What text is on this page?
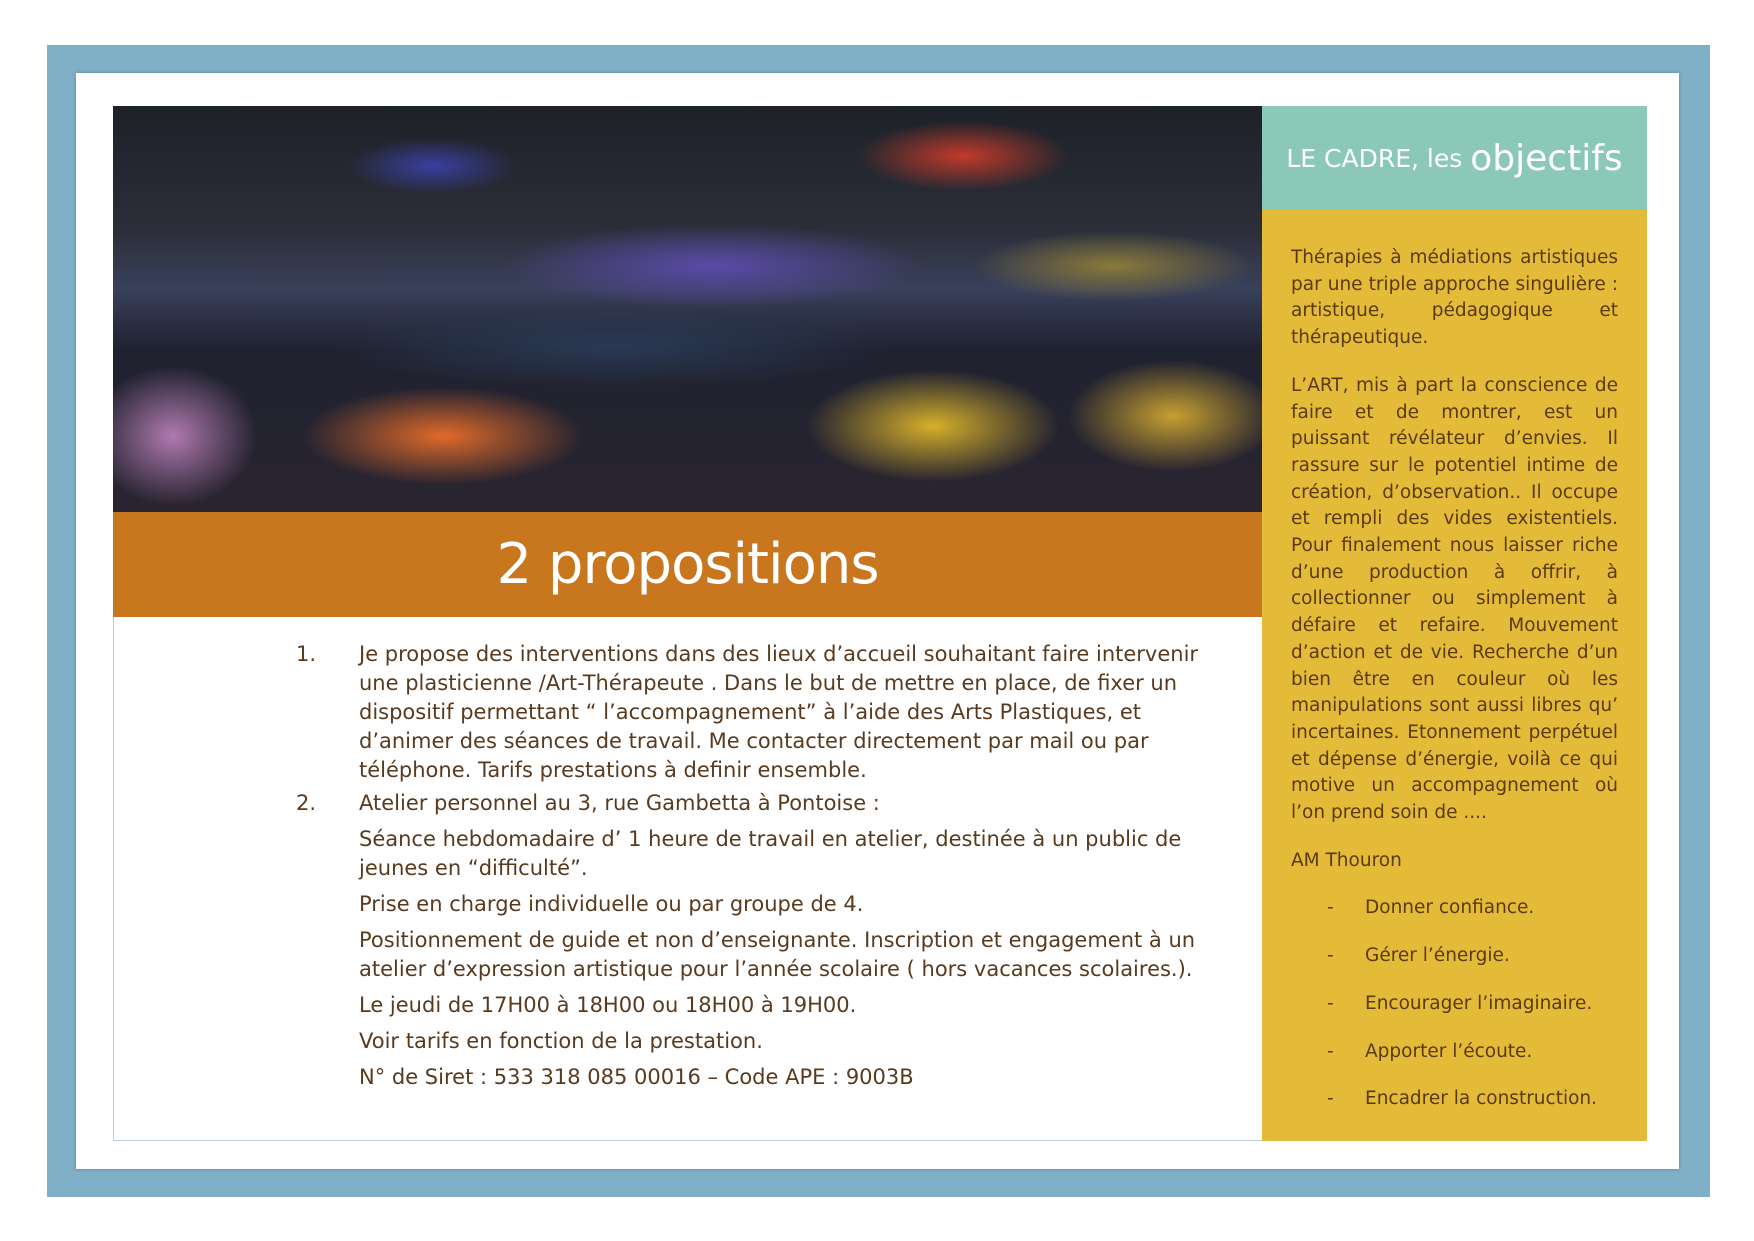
2 propositions
1.	Je propose des interventions dans des lieux d’accueil souhaitant faire intervenir une plasticienne /Art-Thérapeute . Dans le but de mettre en place, de fixer un dispositif permettant “ l’accompagnement” à l’aide des Arts Plastiques, et d’animer des séances de travail. Me contacter directement par mail ou par téléphone. Tarifs prestations à definir ensemble.
2.	Atelier personnel au 3, rue Gambetta à Pontoise :
Séance hebdomadaire d’ 1 heure de travail en atelier, destinée à un public de jeunes en “difficulté”.
Prise en charge individuelle ou par groupe de 4.
Positionnement de guide et non d’enseignante. Inscription et engagement à un atelier d’expression artistique pour l’année scolaire ( hors vacances scolaires.).
Le jeudi de 17H00 à 18H00 ou 18H00 à 19H00.
Voir tarifs en fonction de la prestation.
N° de Siret : 533 318 085 00016 – Code APE : 9003B
LE CADRE, les objectifs

Thérapies à médiations artistiques par une triple approche singulière : artistique, pédagogique et thérapeutique.

L’ART, mis à part la conscience de faire et de montrer, est un puissant révélateur d’envies. Il rassure sur le potentiel intime de création, d’observation.. Il occupe et rempli des vides existentiels. Pour finalement nous laisser riche d’une production à offrir, à collectionner ou simplement à défaire et refaire. Mouvement d’action et de vie. Recherche d’un bien être en couleur où les manipulations sont aussi libres qu’ incertaines. Etonnement perpétuel et dépense d’énergie, voilà ce qui motive un accompagnement où l’on prend soin de ....

AM Thouron

-	Donner confiance.
-	Gérer l’énergie.
-	Encourager l’imaginaire.
-	Apporter l’écoute.
-	Encadrer la construction.
